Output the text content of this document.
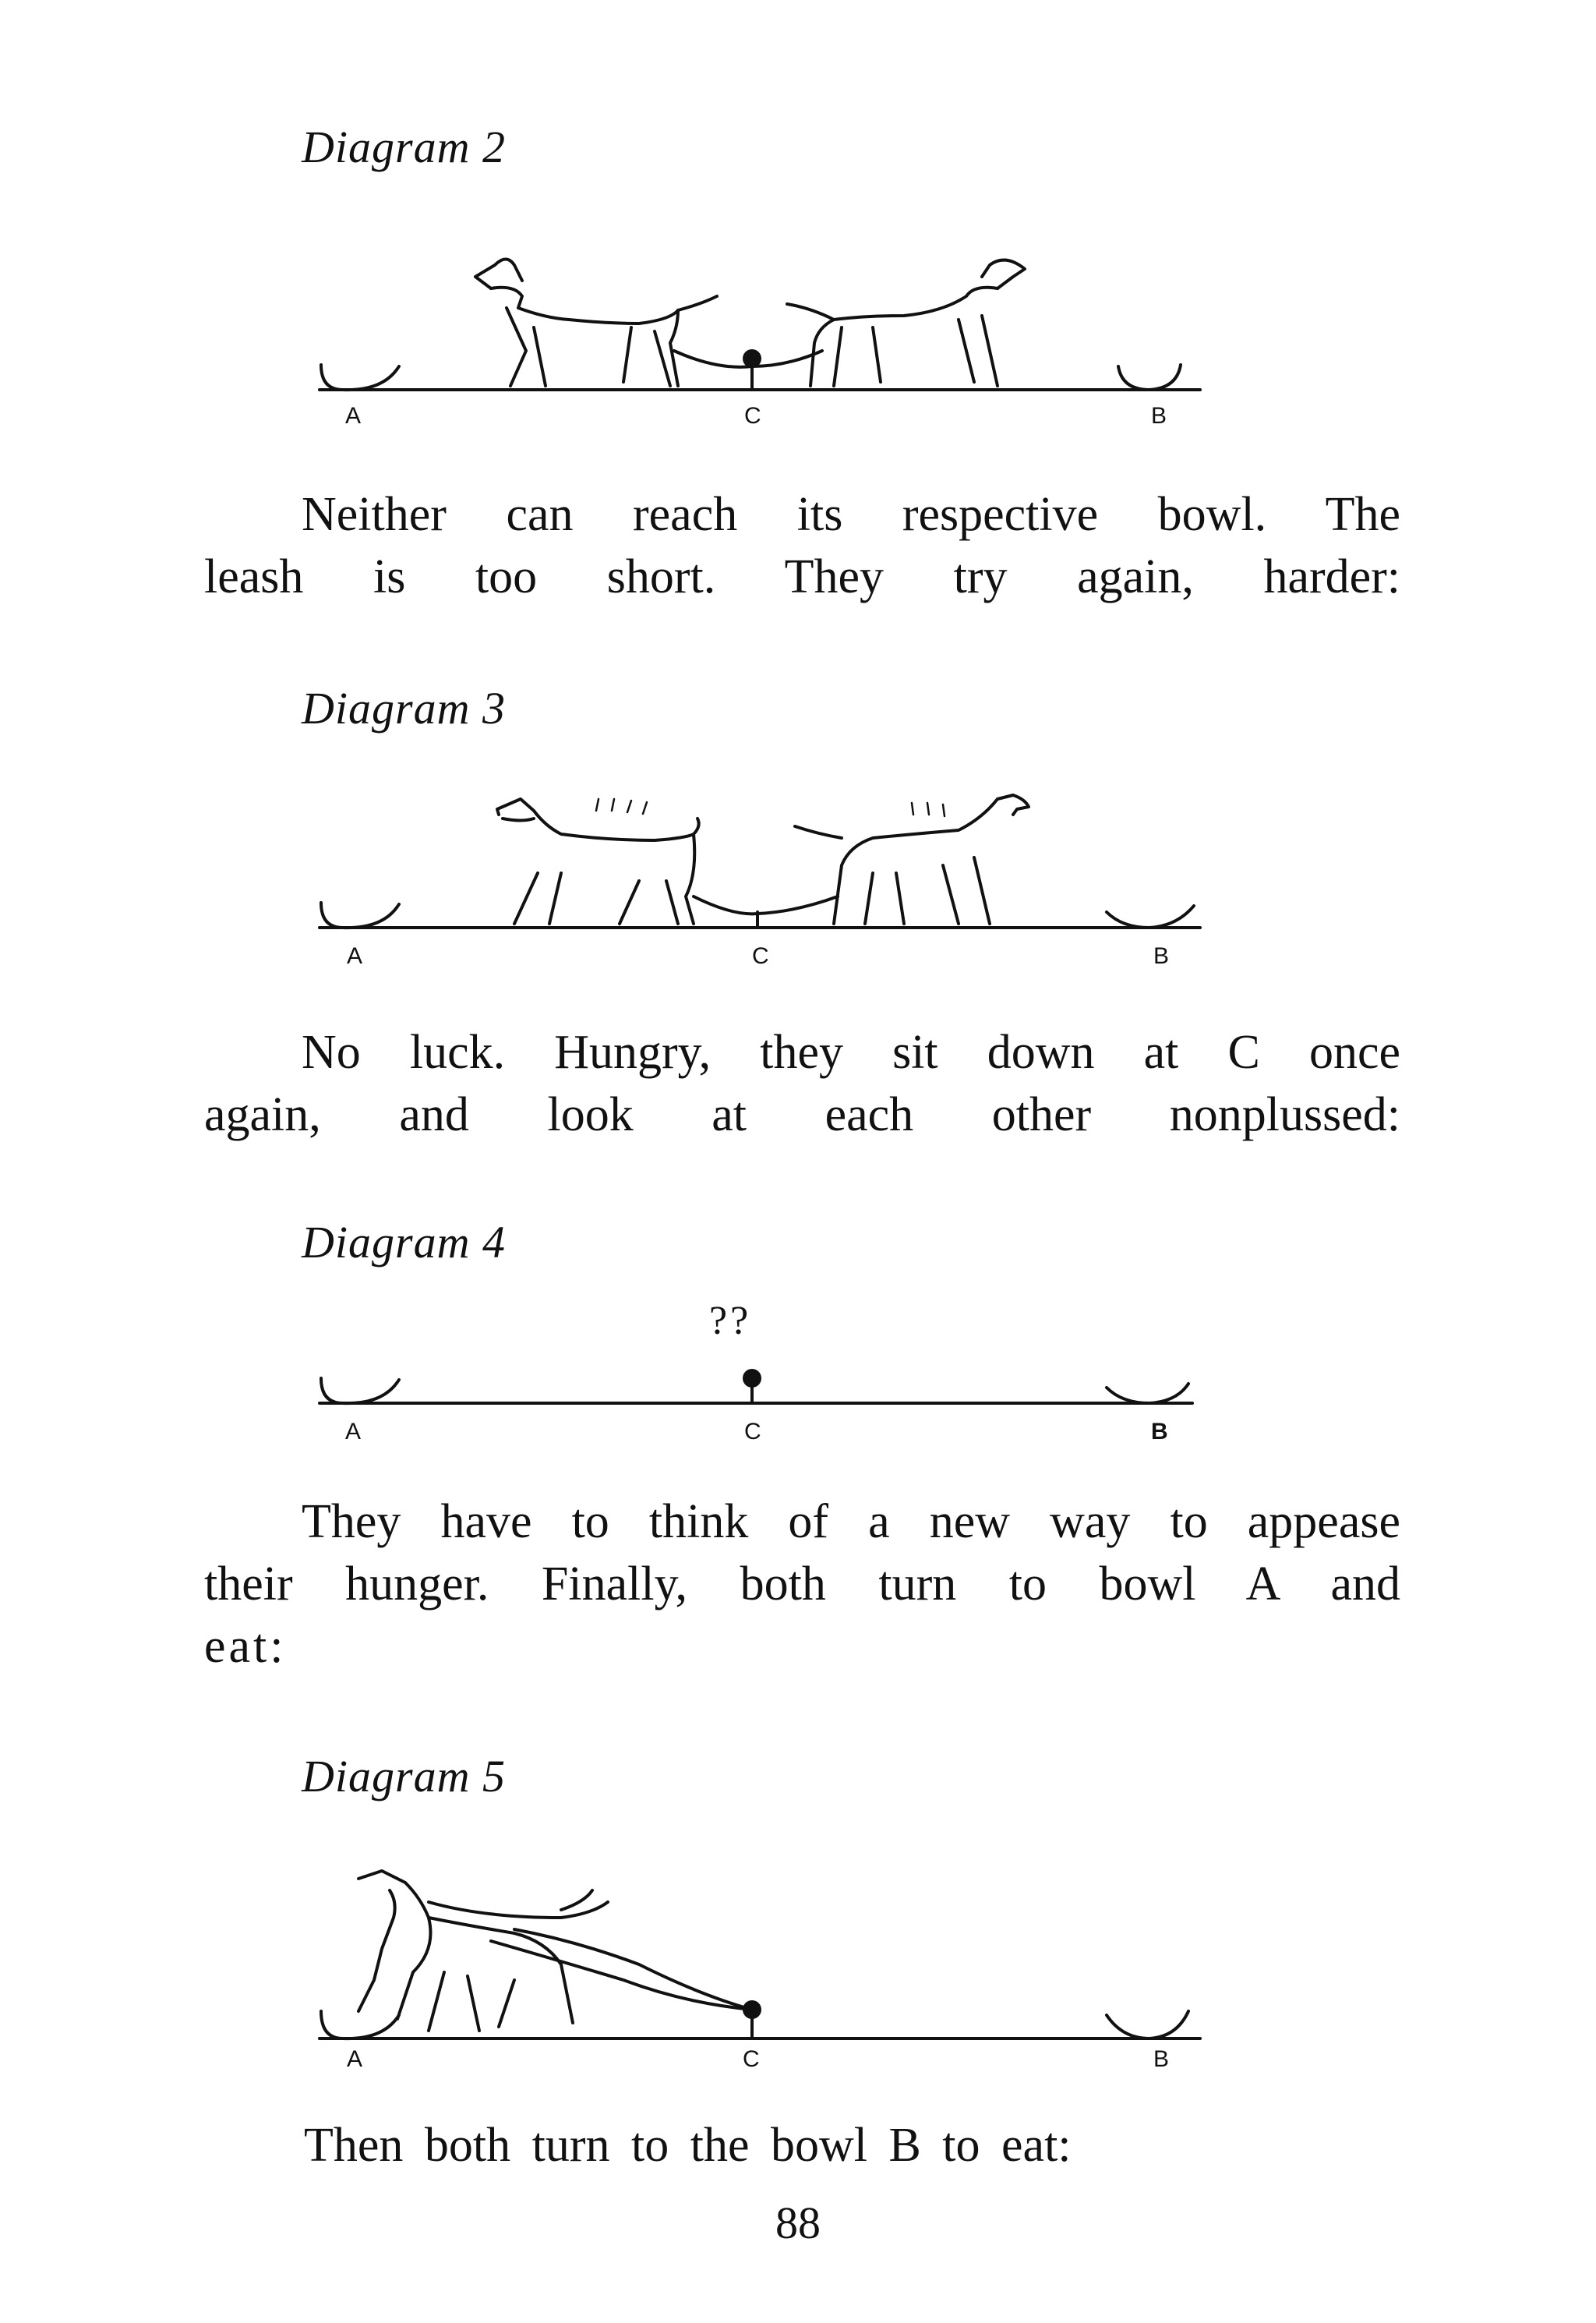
Diagram 2
A	C	B
Neither can reach its respective bowl. The
leash is too short. They try again, harder:
Diagram 3
A	C	B
No luck. Hungry, they sit down at C once
again, and look at each other nonplussed:
Diagram 4
??
A	C	B
They have to think of a new way to appease
their hunger. Finally, both turn to bowl A and
eat:
Diagram 5
A	C	B
Then both turn to the bowl B to eat:
88
